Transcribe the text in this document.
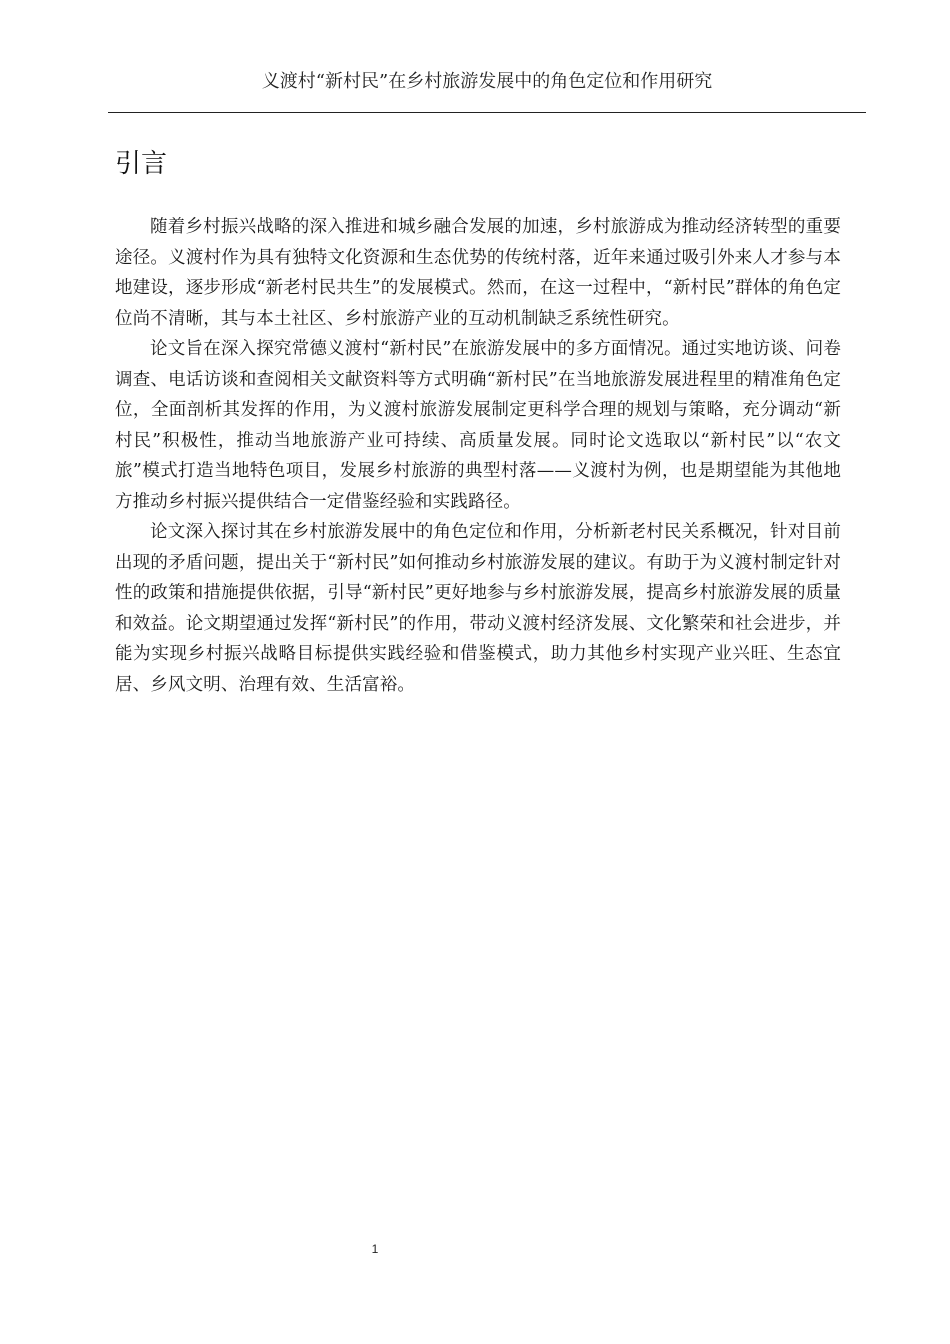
义渡村“新村民”在乡村旅游发展中的角色定位和作用研究
引言

随着乡村振兴战略的深入推进和城乡融合发展的加速，乡村旅游成为推动经济转型的重要途径。义渡村作为具有独特文化资源和生态优势的传统村落，近年来通过吸引外来人才参与本地建设，逐步形成“新老村民共生”的发展模式。然而，在这一过程中，“新村民”群体的角色定位尚不清晰，其与本土社区、乡村旅游产业的互动机制缺乏系统性研究。

论文旨在深入探究常德义渡村“新村民”在旅游发展中的多方面情况。通过实地访谈、问卷调查、电话访谈和查阅相关文献资料等方式明确“新村民”在当地旅游发展进程里的精准角色定位，全面剖析其发挥的作用，为义渡村旅游发展制定更科学合理的规划与策略，充分调动“新村民”积极性，推动当地旅游产业可持续、高质量发展。同时论文选取以“新村民”以“农文旅”模式打造当地特色项目，发展乡村旅游的典型村落——义渡村为例，也是期望能为其他地方推动乡村振兴提供结合一定借鉴经验和实践路径。

论文深入探讨其在乡村旅游发展中的角色定位和作用，分析新老村民关系概况，针对目前出现的矛盾问题，提出关于“新村民”如何推动乡村旅游发展的建议。有助于为义渡村制定针对性的政策和措施提供依据，引导“新村民”更好地参与乡村旅游发展，提高乡村旅游发展的质量和效益。论文期望通过发挥“新村民”的作用，带动义渡村经济发展、文化繁荣和社会进步，并能为实现乡村振兴战略目标提供实践经验和借鉴模式，助力其他乡村实现产业兴旺、生态宜居、乡风文明、治理有效、生活富裕。

1
